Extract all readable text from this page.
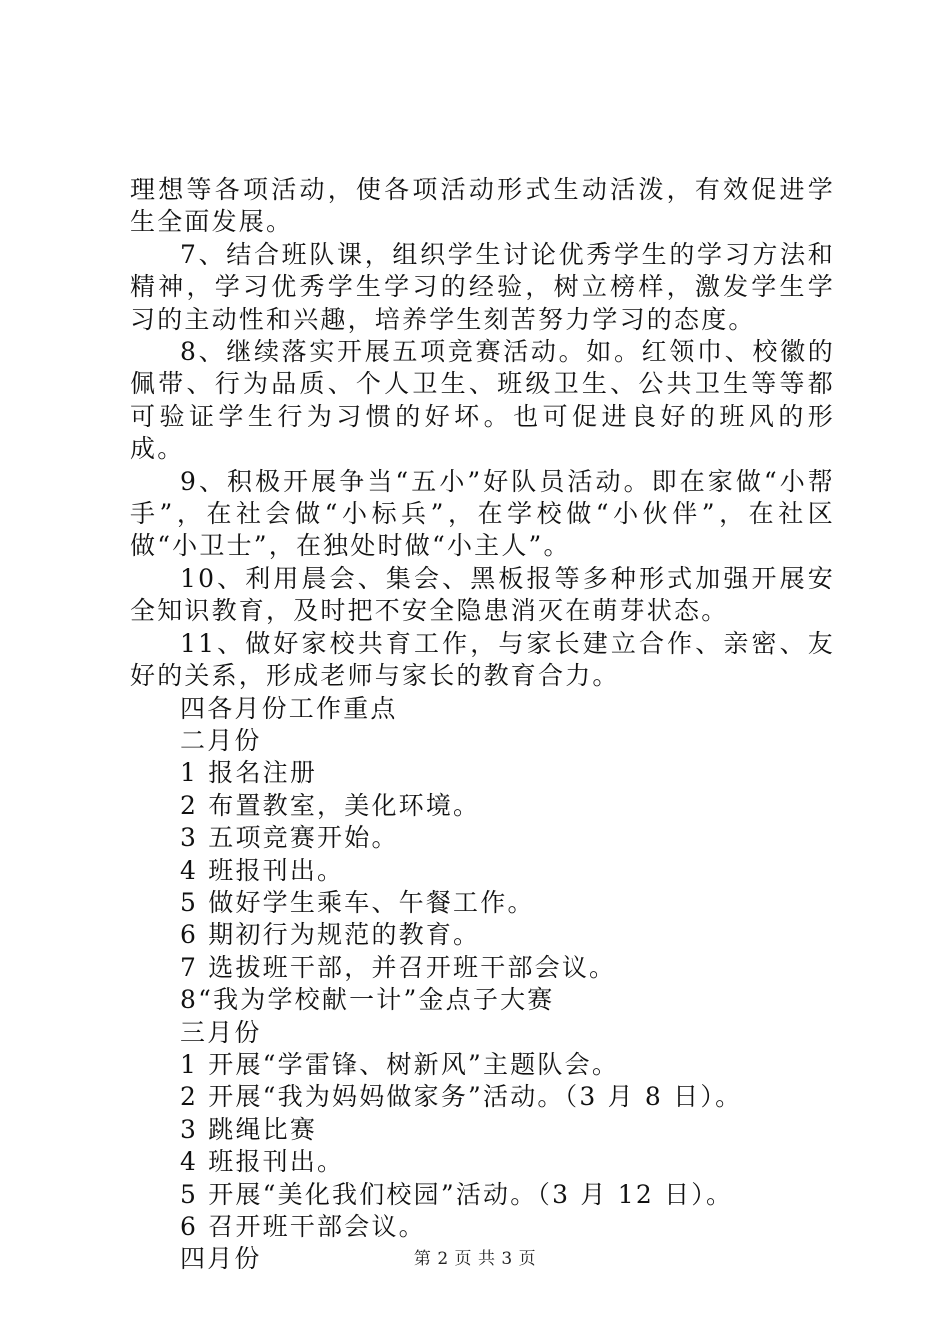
理想等各项活动，使各项活动形式生动活泼，有效促进学生全面发展。

7、结合班队课，组织学生讨论优秀学生的学习方法和精神，学习优秀学生学习的经验，树立榜样，激发学生学习的主动性和兴趣，培养学生刻苦努力学习的态度。

8、继续落实开展五项竞赛活动。如。红领巾、校徽的佩带、行为品质、个人卫生、班级卫生、公共卫生等等都可验证学生行为习惯的好坏。也可促进良好的班风的形成。

9、积极开展争当“五小”好队员活动。即在家做“小帮手”，在社会做“小标兵”，在学校做“小伙伴”，在社区做“小卫士”，在独处时做“小主人”。

10、利用晨会、集会、黑板报等多种形式加强开展安全知识教育，及时把不安全隐患消灭在萌芽状态。

11、做好家校共育工作，与家长建立合作、亲密、友好的关系，形成老师与家长的教育合力。

四各月份工作重点

二月份

1 报名注册

2 布置教室，美化环境。

3 五项竞赛开始。

4 班报刊出。

5 做好学生乘车、午餐工作。

6 期初行为规范的教育。

7 选拔班干部，并召开班干部会议。

8“我为学校献一计”金点子大赛

三月份

1 开展“学雷锋、树新风”主题队会。

2 开展“我为妈妈做家务”活动。（3 月 8 日）。

3 跳绳比赛

4 班报刊出。

5 开展“美化我们校园”活动。（3 月 12 日）。

6 召开班干部会议。

四月份	第 2 页 共 3 页
